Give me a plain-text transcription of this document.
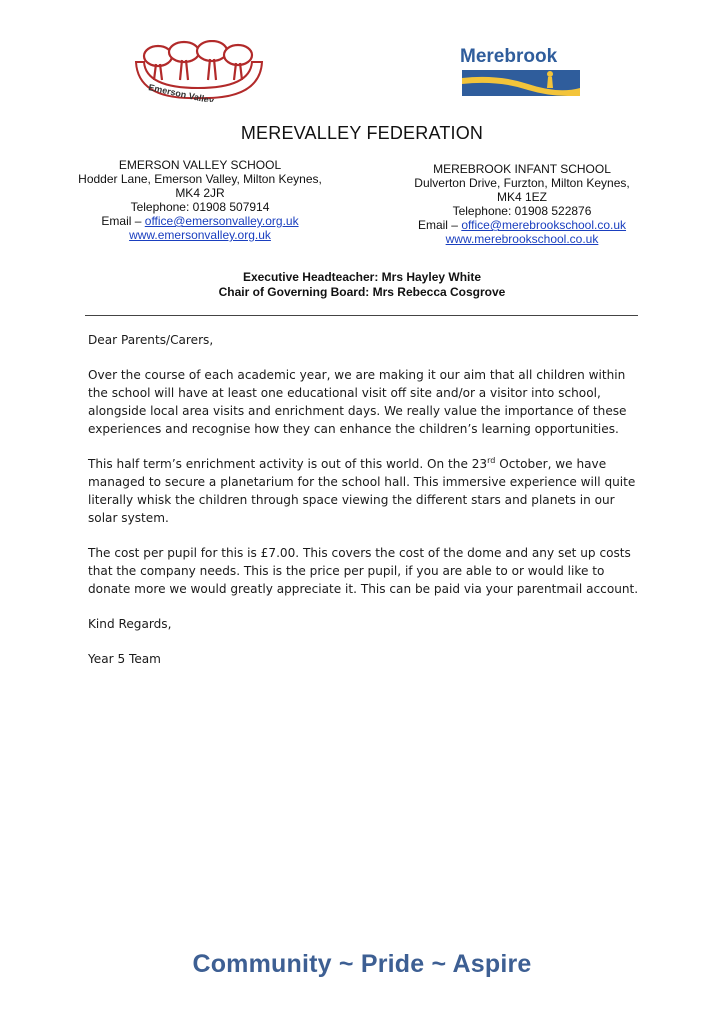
Emerson Valley
Merebrook
MEREVALLEY FEDERATION
EMERSON VALLEY SCHOOL
Hodder Lane, Emerson Valley, Milton Keynes,
MK4 2JR
Telephone: 01908 507914
Email – office@emersonvalley.org.uk
www.emersonvalley.org.uk
MEREBROOK INFANT SCHOOL
Dulverton Drive, Furzton, Milton Keynes,
MK4 1EZ
Telephone: 01908 522876
Email – office@merebrookschool.co.uk
www.merebrookschool.co.uk
Executive Headteacher: Mrs Hayley White
Chair of Governing Board: Mrs Rebecca Cosgrove

Dear Parents/Carers,

Over the course of each academic year, we are making it our aim that all children within the school will have at least one educational visit off site and/or a visitor into school, alongside local area visits and enrichment days. We really value the importance of these experiences and recognise how they can enhance the children’s learning opportunities.

This half term’s enrichment activity is out of this world. On the 23rd October, we have managed to secure a planetarium for the school hall. This immersive experience will quite literally whisk the children through space viewing the different stars and planets in our solar system.

The cost per pupil for this is £7.00. This covers the cost of the dome and any set up costs that the company needs. This is the price per pupil, if you are able to or would like to donate more we would greatly appreciate it. This can be paid via your parentmail account.

Kind Regards,

Year 5 Team

Community ~ Pride ~ Aspire
